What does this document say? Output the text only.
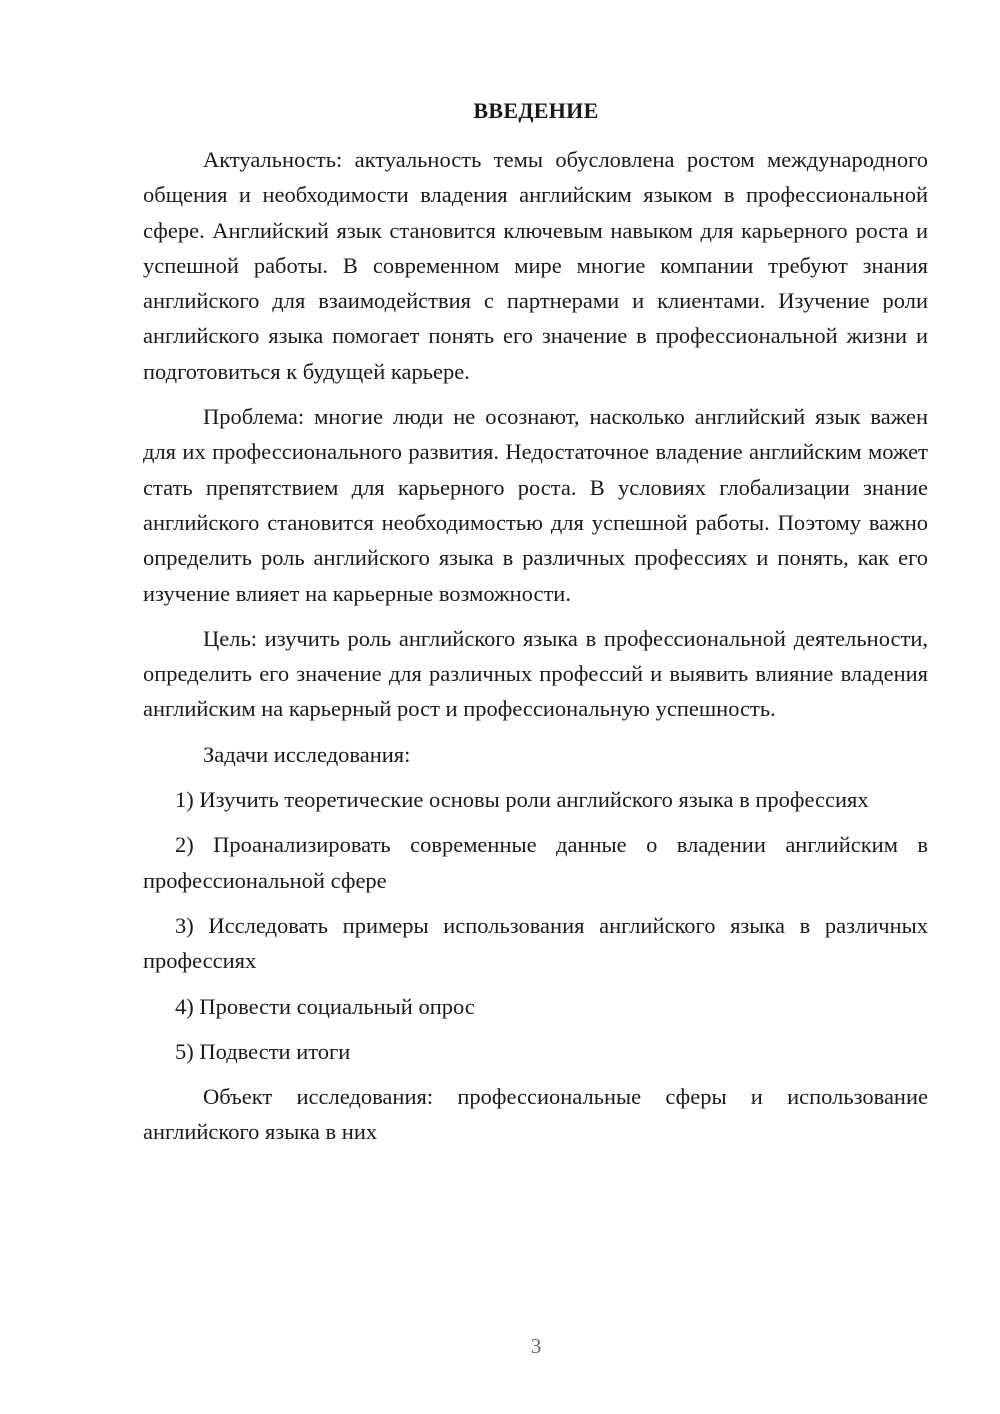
ВВЕДЕНИЕ

Актуальность: актуальность темы обусловлена ростом международного общения и необходимости владения английским языком в профессиональной сфере. Английский язык становится ключевым навыком для карьерного роста и успешной работы. В современном мире многие компании требуют знания английского для взаимодействия с партнерами и клиентами. Изучение роли английского языка помогает понять его значение в профессиональной жизни и подготовиться к будущей карьере.

Проблема: многие люди не осознают, насколько английский язык важен для их профессионального развития. Недостаточное владение английским может стать препятствием для карьерного роста. В условиях глобализации знание английского становится необходимостью для успешной работы. Поэтому важно определить роль английского языка в различных профессиях и понять, как его изучение влияет на карьерные возможности.

Цель: изучить роль английского языка в профессиональной деятельности, определить его значение для различных профессий и выявить влияние владения английским на карьерный рост и профессиональную успешность.

Задачи исследования:

1) Изучить теоретические основы роли английского языка в профессиях

2) Проанализировать современные данные о владении английским в профессиональной сфере

3) Исследовать примеры использования английского языка в различных профессиях

4) Провести социальный опрос

5) Подвести итоги

Объект исследования: профессиональные сферы и использование английского языка в них

3
